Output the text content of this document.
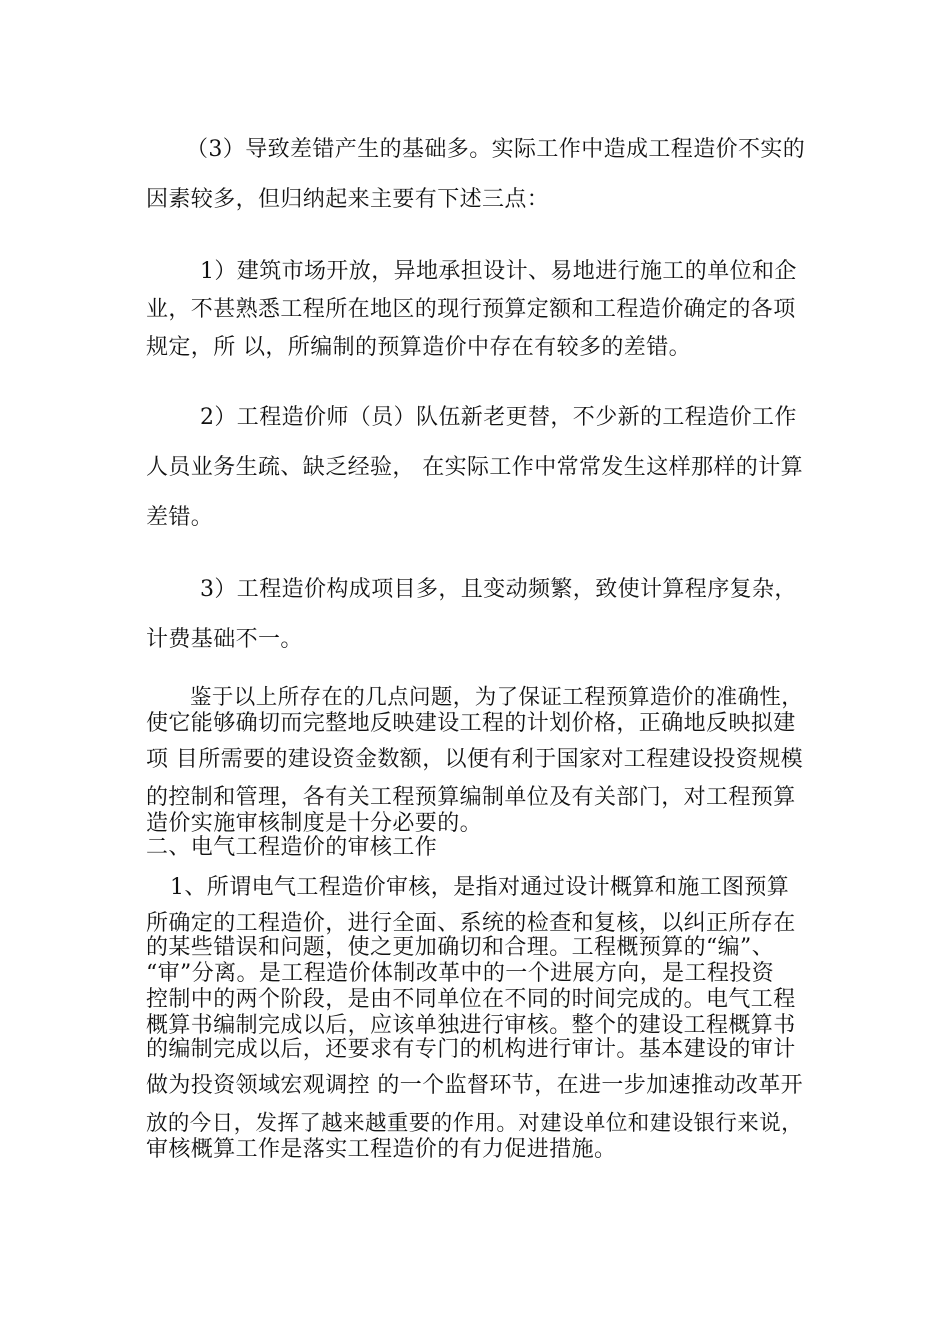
（3）导致差错产生的基础多。实际工作中造成工程造价不实的
因素较多，但归纳起来主要有下述三点：
1）建筑市场开放，异地承担设计、易地进行施工的单位和企
业，不甚熟悉工程所在地区的现行预算定额和工程造价确定的各项
规定，所 以，所编制的预算造价中存在有较多的差错。
2）工程造价师（员）队伍新老更替，不少新的工程造价工作
人员业务生疏、缺乏经验， 在实际工作中常常发生这样那样的计算
差错。
3）工程造价构成项目多，且变动频繁，致使计算程序复杂，
计费基础不一。
鉴于以上所存在的几点问题，为了保证工程预算造价的准确性，
使它能够确切而完整地反映建设工程的计划价格，正确地反映拟建
项 目所需要的建设资金数额，以便有利于国家对工程建设投资规模
的控制和管理，各有关工程预算编制单位及有关部门，对工程预算
造价实施审核制度是十分必要的。
二、电气工程造价的审核工作
1、所谓电气工程造价审核，是指对通过设计概算和施工图预算
所确定的工程造价，进行全面、系统的检查和复核，以纠正所存在
的某些错误和问题，使之更加确切和合理。工程概预算的“编”、
“审”分离。是工程造价体制改革中的一个进展方向，是工程投资
控制中的两个阶段，是由不同单位在不同的时间完成的。电气工程
概算书编制完成以后，应该单独进行审核。整个的建设工程概算书
的编制完成以后，还要求有专门的机构进行审计。基本建设的审计
做为投资领域宏观调控 的一个监督环节，在进一步加速推动改革开
放的今日，发挥了越来越重要的作用。对建设单位和建设银行来说，
审核概算工作是落实工程造价的有力促进措施。
